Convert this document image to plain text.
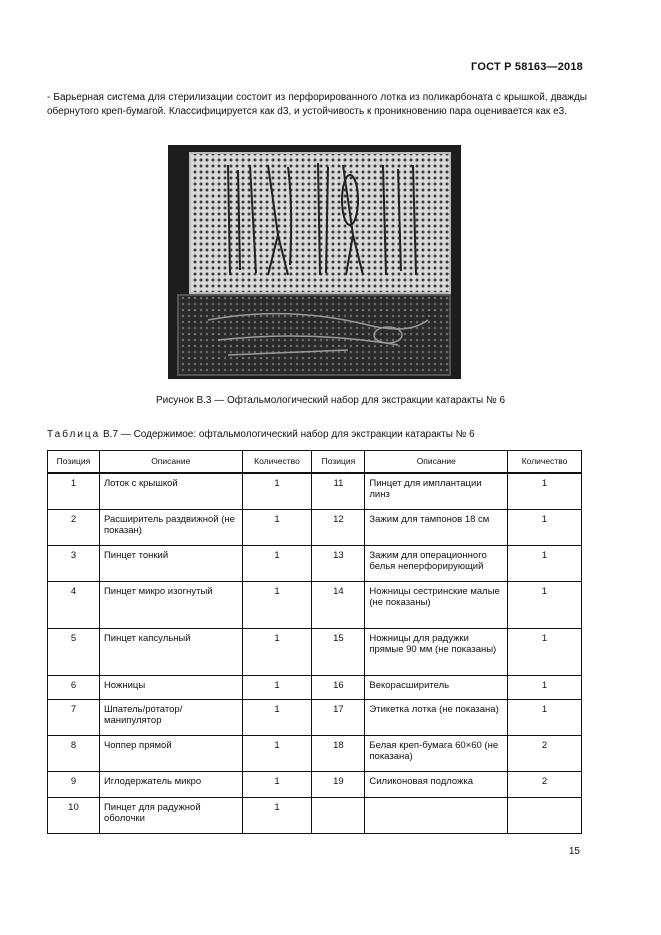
ГОСТ Р 58163—2018

- Барьерная система для стерилизации состоит из перфорированного лотка из поликарбоната с крышкой, дважды обернутого креп-бумагой. Классифицируется как d3, и устойчивость к проникновению пара оценивается как e3.

Рисунок В.3 — Офтальмологический набор для экстракции катаракты № 6
Таблица В.7 — Содержимое: офтальмологический набор для экстракции катаракты № 6
Позиция	Описание	Количество	Позиция	Описание	Количество
1	Лоток с крышкой	1	11	Пинцет для имплантации линз	1
2	Расширитель раздвижной (не показан)	1	12	Зажим для тампонов 18 см	1
3	Пинцет тонкий	1	13	Зажим для операционного белья неперфорирующий	1
4	Пинцет микро изогнутый	1	14	Ножницы сестринские малые (не показаны)	1
5	Пинцет капсульный	1	15	Ножницы для радужки прямые 90 мм (не показаны)	1
6	Ножницы	1	16	Векорасширитель	1
7	Шпатель/ротатор/ манипулятор	1	17	Этикетка лотка (не показана)	1
8	Чоппер прямой	1	18	Белая креп-бумага 60×60 (не показана)	2
9	Иглодержатель микро	1	19	Силиконовая подложка	2
10	Пинцет для радужной оболочки	1			
15
